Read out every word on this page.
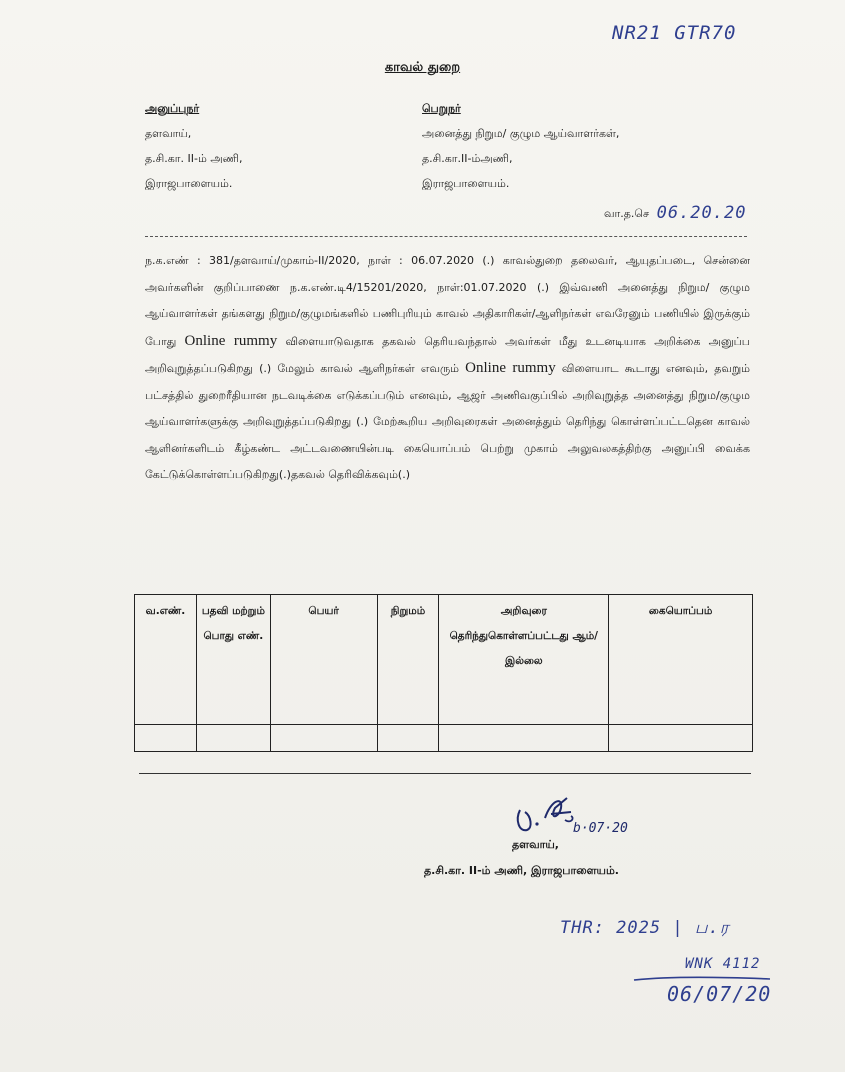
NR21 GTR70
காவல் துறை
அனுப்புநர்
தளவாய்,
த.சி.கா. II-ம் அணி,
இராஜபாளையம்.
பெறுநர்
அனைத்து நிறும/ குழும ஆய்வாளர்கள்,
த.சி.கா.II-ம்அணி,
இராஜபாளையம்.
வா.த.செ 06.20.20
ந.க.எண் : 381/தளவாய்/முகாம்-II/2020, நாள் : 06.07.2020 (.) காவல்துறை தலைவர், ஆயுதப்படை, சென்னை அவர்களின் குறிப்பாணை ந.க.எண்.டி4/15201/2020, நாள்:01.07.2020 (.) இவ்வணி அனைத்து நிறும/ குழும ஆய்வாளர்கள் தங்களது நிறும/குழுமங்களில் பணிபுரியும் காவல் அதிகாரிகள்/ஆளிநர்கள் எவரேனும் பணியில் இருக்கும் போது Online rummy விளையாடுவதாக தகவல் தெரியவந்தால் அவர்கள் மீது உடனடியாக அறிக்கை அனுப்ப அறிவுறுத்தப்படுகிறது (.) மேலும் காவல் ஆளிநர்கள் எவரும் Online rummy விளையாட கூடாது எனவும், தவறும் பட்சத்தில் துறைரீதியான நடவடிக்கை எடுக்கப்படும் எனவும், ஆஜர் அணிவகுப்பில் அறிவுறுத்த அனைத்து நிறும/குழும ஆய்வாளர்களுக்கு அறிவுறுத்தப்படுகிறது (.) மேற்கூறிய அறிவுரைகள் அனைத்தும் தெரிந்து கொள்ளப்பட்டதென காவல் ஆளினர்களிடம் கீழ்கண்ட அட்டவணையின்படி கையொப்பம் பெற்று முகாம் அலுவலகத்திற்கு அனுப்பி வைக்க கேட்டுக்கொள்ளப்படுகிறது(.)தகவல் தெரிவிக்கவும்(.)
வ.எண்.	பதவி மற்றும் பொது எண்.	பெயர்	நிறுமம்	அறிவுரை தெரிந்துகொள்ளப்பட்டது ஆம்/இல்லை	கையொப்பம்

b·07·20
தளவாய்,
த.சி.கா. II-ம் அணி, இராஜபாளையம்.
THR: 2025 | ப.ர
WNK 4112
06/07/20
